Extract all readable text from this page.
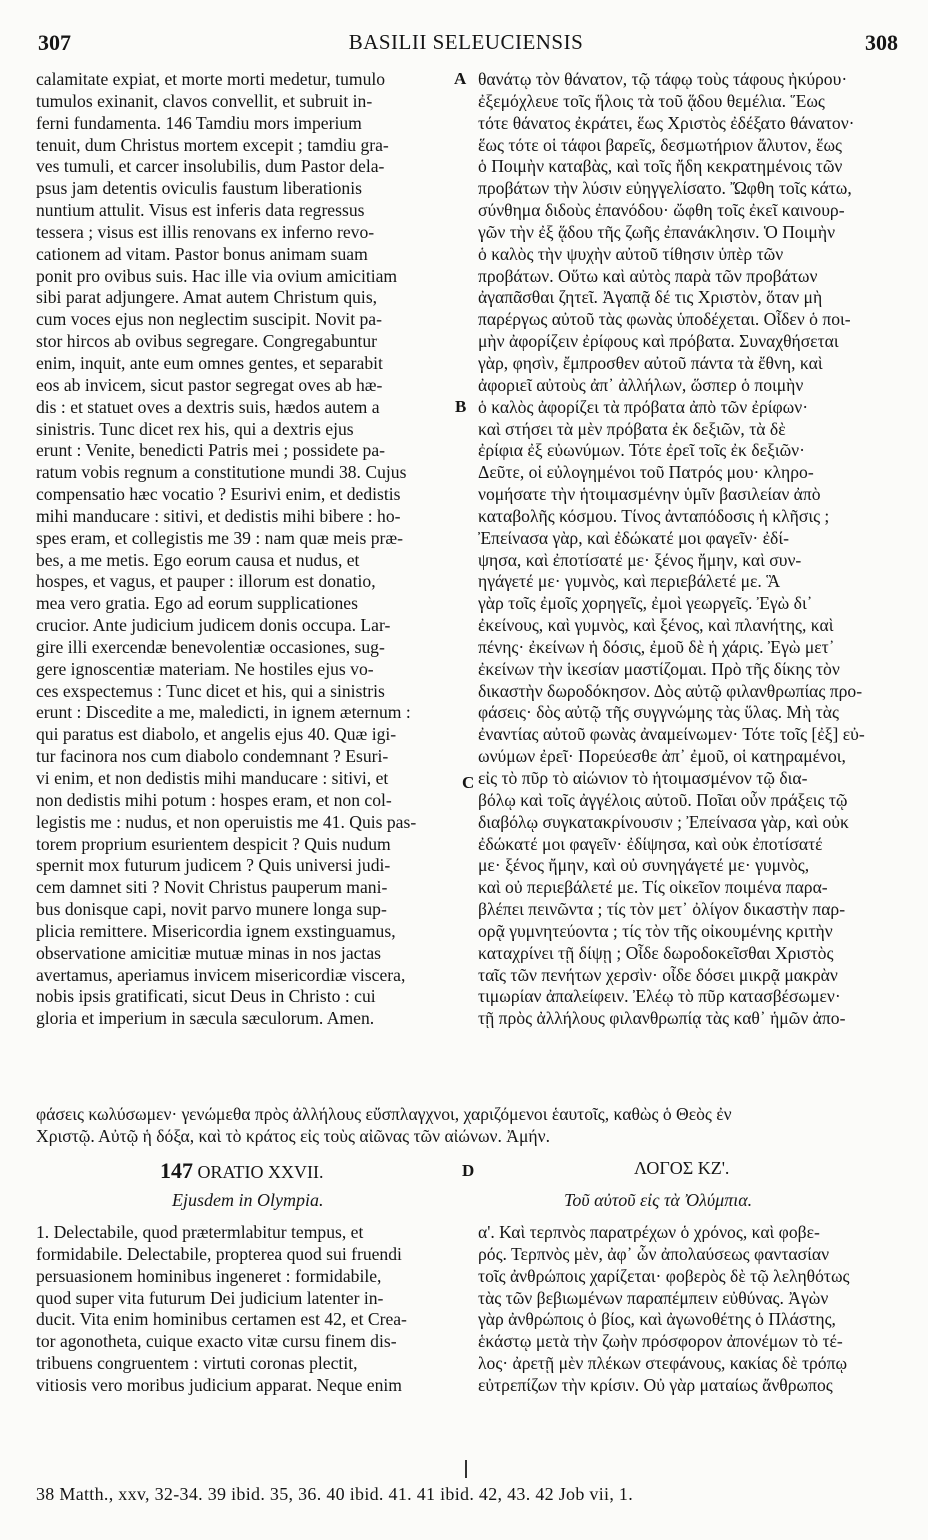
307	BASILII SELEUCIENSIS	308
calamitate expiat, et morte morti medetur, tumulo
tumulos exinanit, clavos convellit, et subruit in-
ferni fundamenta. 146 Tamdiu mors imperium
tenuit, dum Christus mortem excepit ; tamdiu gra-
ves tumuli, et carcer insolubilis, dum Pastor dela-
psus jam detentis oviculis faustum liberationis
nuntium attulit. Visus est inferis data regressus
tessera ; visus est illis renovans ex inferno revo-
cationem ad vitam. Pastor bonus animam suam
ponit pro ovibus suis. Hac ille via ovium amicitiam
sibi parat adjungere. Amat autem Christum quis,
cum voces ejus non neglectim suscipit. Novit pa-
stor hircos ab ovibus segregare. Congregabuntur
enim, inquit, ante eum omnes gentes, et separabit
eos ab invicem, sicut pastor segregat oves ab hæ-
dis : et statuet oves a dextris suis, hædos autem a
sinistris. Tunc dicet rex his, qui a dextris ejus
erunt : Venite, benedicti Patris mei ; possidete pa-
ratum vobis regnum a constitutione mundi 38. Cujus
compensatio hæc vocatio ? Esurivi enim, et dedistis
mihi manducare : sitivi, et dedistis mihi bibere : ho-
spes eram, et collegistis me 39 : nam quæ meis præ-
bes, a me metis. Ego eorum causa et nudus, et
hospes, et vagus, et pauper : illorum est donatio,
mea vero gratia. Ego ad eorum supplicationes
crucior. Ante judicium judicem donis occupa. Lar-
gire illi exercendæ benevolentiæ occasiones, sug-
gere ignoscentiæ materiam. Ne hostiles ejus vo-
ces exspectemus : Tunc dicet et his, qui a sinistris
erunt : Discedite a me, maledicti, in ignem æternum :
qui paratus est diabolo, et angelis ejus 40. Quæ igi-
tur facinora nos cum diabolo condemnant ? Esuri-
vi enim, et non dedistis mihi manducare : sitivi, et
non dedistis mihi potum : hospes eram, et non col-
legistis me : nudus, et non operuistis me 41. Quis pas-
torem proprium esurientem despicit ? Quis nudum
spernit mox futurum judicem ? Quis universi judi-
cem damnet siti ? Novit Christus pauperum mani-
bus donisque capi, novit parvo munere longa sup-
plicia remittere. Misericordia ignem exstinguamus,
observatione amicitiæ mutuæ minas in nos jactas
avertamus, aperiamus invicem misericordiæ viscera,
nobis ipsis gratificati, sicut Deus in Christo : cui
gloria et imperium in sæcula sæculorum. Amen.
θανάτῳ τὸν θάνατον, τῷ τάφῳ τοὺς τάφους ἠκύρου·
ἐξεμόχλευε τοῖς ἥλοις τὰ τοῦ ᾅδου θεμέλια. Ἕως
τότε θάνατος ἐκράτει, ἕως Χριστὸς ἐδέξατο θάνατον·
ἕως τότε οἱ τάφοι βαρεῖς, δεσμωτήριον ἄλυτον, ἕως
ὁ Ποιμὴν καταβὰς, καὶ τοῖς ἤδη κεκρατημένοις τῶν
προβάτων τὴν λύσιν εὐηγγελίσατο. Ὤφθη τοῖς κάτω,
σύνθημα διδοὺς ἐπανόδου· ὤφθη τοῖς ἐκεῖ καινουρ-
γῶν τὴν ἐξ ᾅδου τῆς ζωῆς ἐπανάκλησιν. Ὁ Ποιμὴν
ὁ καλὸς τὴν ψυχὴν αὐτοῦ τίθησιν ὑπὲρ τῶν
προβάτων. Οὕτω καὶ αὐτὸς παρὰ τῶν προβάτων
ἀγαπᾶσθαι ζητεῖ. Ἀγαπᾷ δέ τις Χριστὸν, ὅταν μὴ
παρέργως αὐτοῦ τὰς φωνὰς ὑποδέχεται. Οἶδεν ὁ ποι-
μὴν ἀφορίζειν ἐρίφους καὶ πρόβατα. Συναχθήσεται
γὰρ, φησὶν, ἔμπροσθεν αὐτοῦ πάντα τὰ ἔθνη, καὶ
ἀφοριεῖ αὐτοὺς ἀπ᾽ ἀλλήλων, ὥσπερ ὁ ποιμὴν
ὁ καλὸς ἀφορίζει τὰ πρόβατα ἀπὸ τῶν ἐρίφων·
καὶ στήσει τὰ μὲν πρόβατα ἐκ δεξιῶν, τὰ δὲ
ἐρίφια ἐξ εὐωνύμων. Τότε ἐρεῖ τοῖς ἐκ δεξιῶν·
Δεῦτε, οἱ εὐλογημένοι τοῦ Πατρός μου· κληρο-
νομήσατε τὴν ἡτοιμασμένην ὑμῖν βασιλείαν ἀπὸ
καταβολῆς κόσμου. Τίνος ἀνταπόδοσις ἡ κλῆσις ;
Ἐπείνασα γὰρ, καὶ ἐδώκατέ μοι φαγεῖν· ἐδί-
ψησα, καὶ ἐποτίσατέ με· ξένος ἤμην, καὶ συν-
ηγάγετέ με· γυμνὸς, καὶ περιεβάλετέ με. Ἃ
γὰρ τοῖς ἐμοῖς χορηγεῖς, ἐμοὶ γεωργεῖς. Ἐγὼ δι᾽
ἐκείνους, καὶ γυμνὸς, καὶ ξένος, καὶ πλανήτης, καὶ
πένης· ἐκείνων ἡ δόσις, ἐμοῦ δὲ ἡ χάρις. Ἐγὼ μετ᾽
ἐκείνων τὴν ἱκεσίαν μαστίζομαι. Πρὸ τῆς δίκης τὸν
δικαστὴν δωροδόκησον. Δὸς αὐτῷ φιλανθρωπίας προ-
φάσεις· δὸς αὐτῷ τῆς συγγνώμης τὰς ὕλας. Μὴ τὰς
ἐναντίας αὐτοῦ φωνὰς ἀναμείνωμεν· Τότε τοῖς [ἐξ] εὐ-
ωνύμων ἐρεῖ· Πορεύεσθε ἀπ᾽ ἐμοῦ, οἱ κατηραμένοι,
εἰς τὸ πῦρ τὸ αἰώνιον τὸ ἡτοιμασμένον τῷ δια-
βόλῳ καὶ τοῖς ἀγγέλοις αὐτοῦ. Ποῖαι οὖν πράξεις τῷ
διαβόλῳ συγκατακρίνουσιν ; Ἐπείνασα γὰρ, καὶ οὐκ
ἐδώκατέ μοι φαγεῖν· ἐδίψησα, καὶ οὐκ ἐποτίσατέ
με· ξένος ἤμην, καὶ οὐ συνηγάγετέ με· γυμνὸς,
καὶ οὐ περιεβάλετέ με. Τίς οἰκεῖον ποιμένα παρα-
βλέπει πεινῶντα ; τίς τὸν μετ᾽ ὀλίγον δικαστὴν παρ-
ορᾷ γυμνητεύοντα ; τίς τὸν τῆς οἰκουμένης κριτὴν
καταχρίνει τῇ δίψῃ ; Οἶδε δωροδοκεῖσθαι Χριστὸς
ταῖς τῶν πενήτων χερσὶν· οἶδε δόσει μικρᾷ μακρὰν
τιμωρίαν ἀπαλείφειν. Ἐλέῳ τὸ πῦρ κατασβέσωμεν·
τῇ πρὸς ἀλλήλους φιλανθρωπίᾳ τὰς καθ᾽ ἡμῶν ἀπο-
A
B
C
φάσεις κωλύσωμεν· γενώμεθα πρὸς ἀλλήλους εὔσπλαγχνοι, χαριζόμενοι ἑαυτοῖς, καθὼς ὁ Θεὸς ἐν
Χριστῷ. Αὐτῷ ἡ δόξα, καὶ τὸ κράτος εἰς τοὺς αἰῶνας τῶν αἰώνων. Ἀμήν.
147 ORATIO XXVII.	D	ΛΟΓΟΣ ΚΖ'.
Ejusdem in Olympia.	Τοῦ αὐτοῦ εἰς τὰ Ὀλύμπια.
1. Delectabile, quod prætermlabitur tempus, et
formidabile. Delectabile, propterea quod sui fruendi
persuasionem hominibus ingeneret : formidabile,
quod super vita futurum Dei judicium latenter in-
ducit. Vita enim hominibus certamen est 42, et Crea-
tor agonotheta, cuique exacto vitæ cursu finem dis-
tribuens congruentem : virtuti coronas plectit,
vitiosis vero moribus judicium apparat. Neque enim
α'. Καὶ τερπνὸς παρατρέχων ὁ χρόνος, καὶ φοβε-
ρός. Τερπνὸς μὲν, ἀφ᾽ ὧν ἀπολαύσεως φαντασίαν
τοῖς ἀνθρώποις χαρίζεται· φοβερὸς δὲ τῷ λεληθότως
τὰς τῶν βεβιωμένων παραπέμπειν εὐθύνας. Ἀγὼν
γὰρ ἀνθρώποις ὁ βίος, καὶ ἀγωνοθέτης ὁ Πλάστης,
ἑκάστῳ μετὰ τὴν ζωὴν πρόσφορον ἀπονέμων τὸ τέ-
λος· ἀρετῇ μὲν πλέκων στεφάνους, κακίας δὲ τρόπῳ
εὐτρεπίζων τὴν κρίσιν. Οὐ γὰρ ματαίως ἄνθρωπος
38 Matth., xxv, 32-34. 39 ibid. 35, 36. 40 ibid. 41. 41 ibid. 42, 43. 42 Job vii, 1.
